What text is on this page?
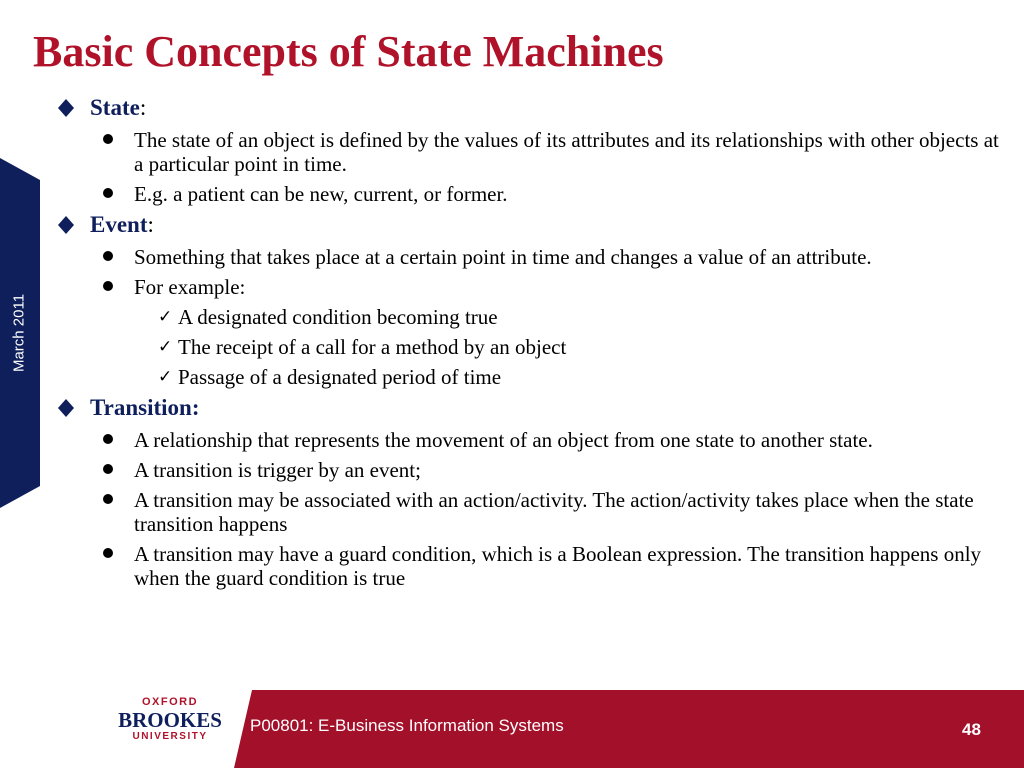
March 2011
Basic Concepts of State Machines
State:
The state of an object is defined by the values of its attributes and its relationships with other objects at a particular point in time.
E.g. a patient can be new, current, or former.
Event:
Something that takes place at a certain point in time and changes a value of an attribute.
For example:
✓ A designated condition becoming true
✓ The receipt of a call for a method by an object
✓ Passage of a designated period of time
Transition:
A relationship that represents the movement of an object from one state to another state.
A transition is trigger by an event;
A transition may be associated with an action/activity. The action/activity takes place when the state transition happens
A transition may have a guard condition, which is a Boolean expression. The transition happens only when the guard condition is true
OXFORD
BROOKES
UNIVERSITY
P00801: E-Business Information Systems	48
